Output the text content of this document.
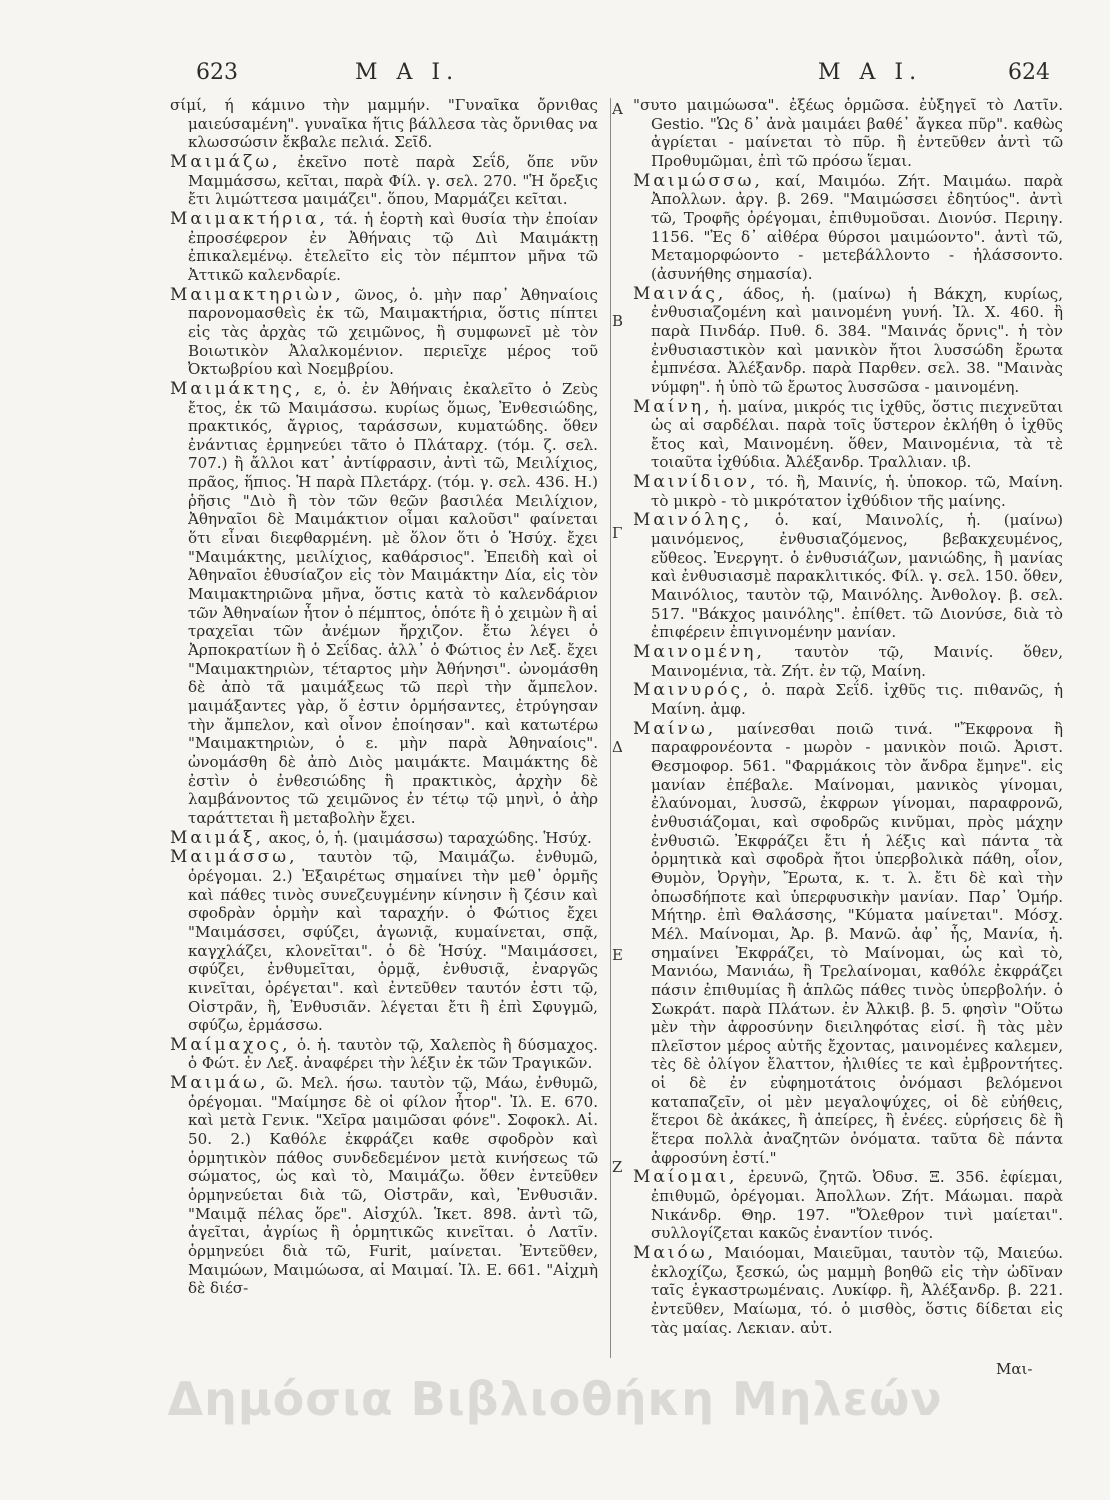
623	Μ Α Ι.	Μ Α Ι.	624

σίμί, ή κάμινο τὴν μαμμήν. "Γυναῖκα ὄρνιθας μαιεύσαμένη". γυναῖκα ἥτις βάλλεσα τὰς ὄρνιθας να κλωσσώσιν ἔκβαλε πελιά. Σεῖδ.

Μαιμάζω, ἐκεῖνο ποτὲ παρὰ Σεΐδ, ὅπε νῦν Μαμμάσσω, κεῖται, παρὰ Φίλ. γ. σελ. 270. "Ἡ ὄρεξις ἔτι λιμώττεσα μαιμάζει". ὅπου, Μαρμάζει κεῖται.

Μαιμακτήρια, τά. ἡ ἑορτὴ καὶ θυσία τὴν ἐποίαν ἐπροσέφερον ἐν Ἀθήναις τῷ Διὶ Μαιμάκτῃ ἐπικαλεμένῳ. ἐτελεῖτο εἰς τὸν πέμπτον μῆνα τῶ Ἀττικῶ καλενδαρίε.

Μαιμακτηριὼν, ῶνος, ὁ. μὴν παρ᾽ Ἀθηναίοις παρονομασθεὶς ἐκ τῶ, Μαιμακτήρια, ὅστις πίπτει εἰς τὰς ἀρχὰς τῶ χειμῶνος, ἢ συμφωνεῖ μὲ τὸν Βοιωτικὸν Ἀλαλκομένιον. περιεῖχε μέρος τοῦ Ὀκτωβρίου καὶ Νοεμβρίου.

Μαιμάκτης, ε, ὁ. ἐν Ἀθήναις ἐκαλεῖτο ὁ Ζεὺς ἔτος, ἐκ τῶ Μαιμάσσω. κυρίως ὅμως, Ἐνθεσιώδης, πρακτικός, ἄγριος, ταράσσων, κυματώδης. ὅθεν ἐνάντιας ἑρμηνεύει τᾶτο ὁ Πλάταρχ. (τόμ. ζ. σελ. 707.) ἢ ἄλλοι κατ᾽ ἀντίφρασιν, ἀντὶ τῶ, Μειλίχιος, πρᾶος, ἥπιος. Ἡ παρὰ Πλετάρχ. (τόμ. γ. σελ. 436. Η.) ῥῆσις "Διὸ ἢ τὸν τῶν θεῶν βασιλέα Μειλίχιον, Ἀθηναῖοι δὲ Μαιμάκτιον οἶμαι καλοῦσι" φαίνεται ὅτι εἶναι διεφθαρμένη. μὲ ὅλον ὅτι ὁ Ἡσύχ. ἔχει "Μαιμάκτης, μειλίχιος, καθάρσιος". Ἐπειδὴ καὶ οἱ Ἀθηναῖοι ἐθυσίαζον εἰς τὸν Μαιμάκτην Δία, εἰς τὸν Μαιμακτηριῶνα μῆνα, ὅστις κατὰ τὸ καλενδάριον τῶν Ἀθηναίων ἦτον ὁ πέμπτος, ὁπότε ἢ ὁ χειμὼν ἢ αἱ τραχεῖαι τῶν ἀνέμων ἤρχιζον. ἔτω λέγει ὁ Ἀρποκρατίων ἢ ὁ Σεΐδας. ἀλλ᾽ ὁ Φώτιος ἐν Λεξ. ἔχει "Μαιμακτηριὼν, τέταρτος μὴν Ἀθήνησι". ὠνομάσθη δὲ ἀπὸ τᾶ μαιμάξεως τῶ περὶ τὴν ἄμπελον. μαιμάξαντες γὰρ, ὅ ἐστιν ὁρμήσαντες, ἐτρύγησαν τὴν ἄμπελον, καὶ οἶνον ἐποίησαν". καὶ κατωτέρω "Μαιμακτηριὼν, ὁ ε. μὴν παρὰ Ἀθηναίοις". ὠνομάσθη δὲ ἀπὸ Διὸς μαιμάκτε. Μαιμάκτης δὲ ἐστὶν ὁ ἐνθεσιώδης ἢ πρακτικὸς, ἀρχὴν δὲ λαμβάνοντος τῶ χειμῶνος ἐν τέτῳ τῷ μηνὶ, ὁ ἀὴρ ταράττεται ἢ μεταβολὴν ἔχει.

Μαιμάξ, ακος, ὁ, ἡ. (μαιμάσσω) ταραχώδης. Ἡσύχ.

Μαιμάσσω, ταυτὸν τῷ, Μαιμάζω. ἐνθυμῶ, ὀρέγομαι. 2.) Ἐξαιρέτως σημαίνει τὴν μεθ᾽ ὁρμῆς καὶ πάθες τινὸς συνεζευγμένην κίνησιν ἢ ζέσιν καὶ σφοδρὰν ὁρμὴν καὶ ταραχήν. ὁ Φώτιος ἔχει "Μαιμάσσει, σφύζει, ἀγωνιᾷ, κυμαίνεται, σπᾷ, καγχλάζει, κλονεῖται". ὁ δὲ Ἡσύχ. "Μαιμάσσει, σφύζει, ἐνθυμεῖται, ὁρμᾷ, ἐνθυσιᾷ, ἐναργῶς κινεῖται, ὀρέγεται". καὶ ἐντεῦθεν ταυτόν ἐστι τῷ, Οἰστρᾶν, ἢ, Ἐνθυσιᾶν. λέγεται ἔτι ἢ ἐπὶ Σφυγμῶ, σφύζω, ἐρμάσσω.

Μαίμαχος, ὁ. ἡ. ταυτὸν τῷ, Χαλεπὸς ἢ δύσμαχος. ὁ Φώτ. ἐν Λεξ. ἀναφέρει τὴν λέξιν ἐκ τῶν Τραγικῶν.

Μαιμάω, ῶ. Μελ. ήσω. ταυτὸν τῷ, Μάω, ἐνθυμῶ, ὀρέγομαι. "Μαίμησε δὲ οἱ φίλον ἦτορ". Ἰλ. Ε. 670. καὶ μετὰ Γενικ. "Χεῖρα μαιμῶσαι φόνε". Σοφοκλ. Αἰ. 50. 2.) Καθόλε ἐκφράζει καθε σφοδρὸν καὶ ὁρμητικὸν πάθος συνδεδεμένον μετὰ κινήσεως τῶ σώματος, ὡς καὶ τὸ, Μαιμάζω. ὅθεν ἐντεῦθεν ὁρμηνεύεται διὰ τῶ, Οἰστρᾶν, καὶ, Ἐνθυσιᾶν. "Μαιμᾷ πέλας ὅρε". Αἰσχύλ. Ἱκετ. 898. ἀντὶ τῶ, ἀγεῖται, ἀγρίως ἢ ὁρμητικῶς κινεῖται. ὁ Λατῖν. ὁρμηνεύει διὰ τῶ, Furit, μαίνεται. Ἐντεῦθεν, Μαιμώων, Μαιμώωσα, αἱ Μαιμαί. Ἰλ. Ε. 661. "Αἰχμὴ δὲ διέσ-

"συτο μαιμώωσα". ἐξέως ὁρμῶσα. ἐὐξηγεῖ τὸ Λατῖν. Gestio. "Ὡς δ᾽ ἀνὰ μαιμάει βαθέ᾽ ἄγκεα πῦρ". καθὼς ἀγρίεται - μαίνεται τὸ πῦρ. ἢ ἐντεῦθεν ἀντὶ τῶ Προθυμῶμαι, ἐπὶ τῶ πρόσω ἵεμαι.

Μαιμώσσω, καί, Μαιμόω. Ζήτ. Μαιμάω. παρὰ Ἀπολλων. ἀργ. β. 269. "Μαιμώσσει ἐδητύος". ἀντὶ τῶ, Τροφῆς ὀρέγομαι, ἐπιθυμοῦσαι. Διονύσ. Περιηγ. 1156. "Ἐς δ᾽ αἰθέρα θύρσοι μαιμώοντο". ἀντὶ τῶ, Μεταμορφώοντο - μετεβάλλοντο - ἠλάσσοντο. (ἀσυνήθης σημασία).

Μαινάς, άδος, ἡ. (μαίνω) ἡ Βάκχη, κυρίως, ἐνθυσιαζομένη καὶ μαινομένη γυνή. Ἰλ. Χ. 460. ἢ παρὰ Πινδάρ. Πυθ. δ. 384. "Μαινάς ὄρνις". ἡ τὸν ἐνθυσιαστικὸν καὶ μανικὸν ἤτοι λυσσώδη ἔρωτα ἐμπνέσα. Ἀλέξανδρ. παρὰ Παρθεν. σελ. 38. "Μαινὰς νύμφη". ἡ ὑπὸ τῶ ἔρωτος λυσσῶσα - μαινομένη.

Μαίνη, ἡ. μαίνα, μικρός τις ἰχθῦς, ὅστις πιεχνεῦται ὡς αἱ σαρδέλαι. παρὰ τοῖς ὕστερον ἐκλήθη ὁ ἰχθῦς ἔτος καὶ, Μαινομένη. ὅθεν, Μαινομένια, τὰ τὲ τοιαῦτα ἰχθύδια. Ἀλέξανδρ. Τραλλιαν. ιβ.

Μαινίδιον, τό. ἢ, Μαινίς, ἡ. ὑποκορ. τῶ, Μαίνη. τὸ μικρὸ - τὸ μικρότατον ἰχθύδιον τῆς μαίνης.

Μαινόλης, ὁ. καί, Μαινολίς, ἡ. (μαίνω) μαινόμενος, ἐνθυσιαζόμενος, βεβακχευμένος, εὔθεος. Ἐνεργητ. ὁ ἐνθυσιάζων, μανιώδης, ἢ μανίας καὶ ἐνθυσιασμὲ παρακλιτικός. Φίλ. γ. σελ. 150. ὅθεν, Μαινόλιος, ταυτὸν τῷ, Μαινόλης. Ἀνθολογ. β. σελ. 517. "Βάκχος μαινόλης". ἐπίθετ. τῶ Διονύσε, διὰ τὸ ἐπιφέρειν ἐπιγινομένην μανίαν.

Μαινομένη, ταυτὸν τῷ, Μαινίς. ὅθεν, Μαινομένια, τὰ. Ζήτ. ἐν τῷ, Μαίνη.

Μαινυρός, ὁ. παρὰ Σεΐδ. ἰχθῦς τις. πιθανῶς, ἡ Μαίνη. ἀμφ.

Μαίνω, μαίνεσθαι ποιῶ τινά. "Ἔκφρονα ἢ παραφρονέοντα - μωρὸν - μανικὸν ποιῶ. Ἀριστ. Θεσμοφορ. 561. "Φαρμάκοις τὸν ἄνδρα ἔμηνε". εἰς μανίαν ἐπέβαλε. Μαίνομαι, μανικὸς γίνομαι, ἐλαύνομαι, λυσσῶ, ἐκφρων γίνομαι, παραφρονῶ, ἐνθυσιάζομαι, καὶ σφοδρῶς κινῦμαι, πρὸς μάχην ἐνθυσιῶ. Ἐκφράζει ἔτι ἡ λέξις καὶ πάντα τὰ ὁρμητικὰ καὶ σφοδρὰ ἤτοι ὑπερβολικὰ πάθη, οἷον, Θυμὸν, Ὀργὴν, Ἔρωτα, κ. τ. λ. ἔτι δὲ καὶ τὴν ὁπωσδήποτε καὶ ὑπερφυσικὴν μανίαν. Παρ᾽ Ὁμήρ. Μήτηρ. ἐπὶ Θαλάσσης, "Κύματα μαίνεται". Μόσχ. Μέλ. Μαίνομαι, Ἀρ. β. Μανῶ. ἀφ᾽ ἧς, Μανία, ἡ. σημαίνει Ἐκφράζει, τὸ Μαίνομαι, ὡς καὶ τὸ, Μανιόω, Μανιάω, ἢ Τρελαίνομαι, καθόλε ἐκφράζει πάσιν ἐπιθυμίας ἢ ἁπλῶς πάθες τινὸς ὑπερβολήν. ὁ Σωκράτ. παρὰ Πλάτων. ἐν Ἀλκιβ. β. 5. φησὶν "Οὕτω μὲν τὴν ἀφροσύνην διειληφότας εἰσί. ἢ τὰς μὲν πλεῖστον μέρος αὐτῆς ἔχοντας, μαινομένες καλεμεν, τὲς δὲ ὀλίγον ἔλαττον, ἠλιθίες τε καὶ ἐμβροντήτες. οἱ δὲ ἐν εὐφημοτάτοις ὀνόμασι βελόμενοι καταπαζεῖν, οἱ μὲν μεγαλοψύχες, οἱ δὲ εὐήθεις, ἕτεροι δὲ ἀκάκες, ἢ ἀπείρες, ἢ ἐνέες. εὑρήσεις δὲ ἢ ἕτερα πολλὰ ἀναζητῶν ὀνόματα. ταῦτα δὲ πάντα ἀφροσύνη ἐστί."

Μαίομαι, ἐρευνῶ, ζητῶ. Ὀδυσ. Ξ. 356. ἐφίεμαι, ἐπιθυμῶ, ὀρέγομαι. Ἀπολλων. Ζήτ. Μάωμαι. παρὰ Νικάνδρ. Θηρ. 197. "Ὄλεθρον τινὶ μαίεται". συλλογίζεται κακῶς ἐναντίον τινός.

Μαιόω, Μαιόομαι, Μαιεῦμαι, ταυτὸν τῷ, Μαιεύω. ἐκλοχίζω, ξεσκώ, ὡς μαμμὴ βοηθῶ εἰς τὴν ὠδῖναν ταῖς ἐγκαστρωμέναις. Λυκίφρ. ἢ, Ἀλέξανδρ. β. 221. ἐντεῦθεν, Μαίωμα, τό. ὁ μισθὸς, ὅστις δίδεται εἰς τὰς μαίας. Λεκιαν. αὐτ.

Α
Β
Γ
Δ
Ε
Ζ
Μαι-
Δημόσια Βιβλιοθήκη Μηλεών
